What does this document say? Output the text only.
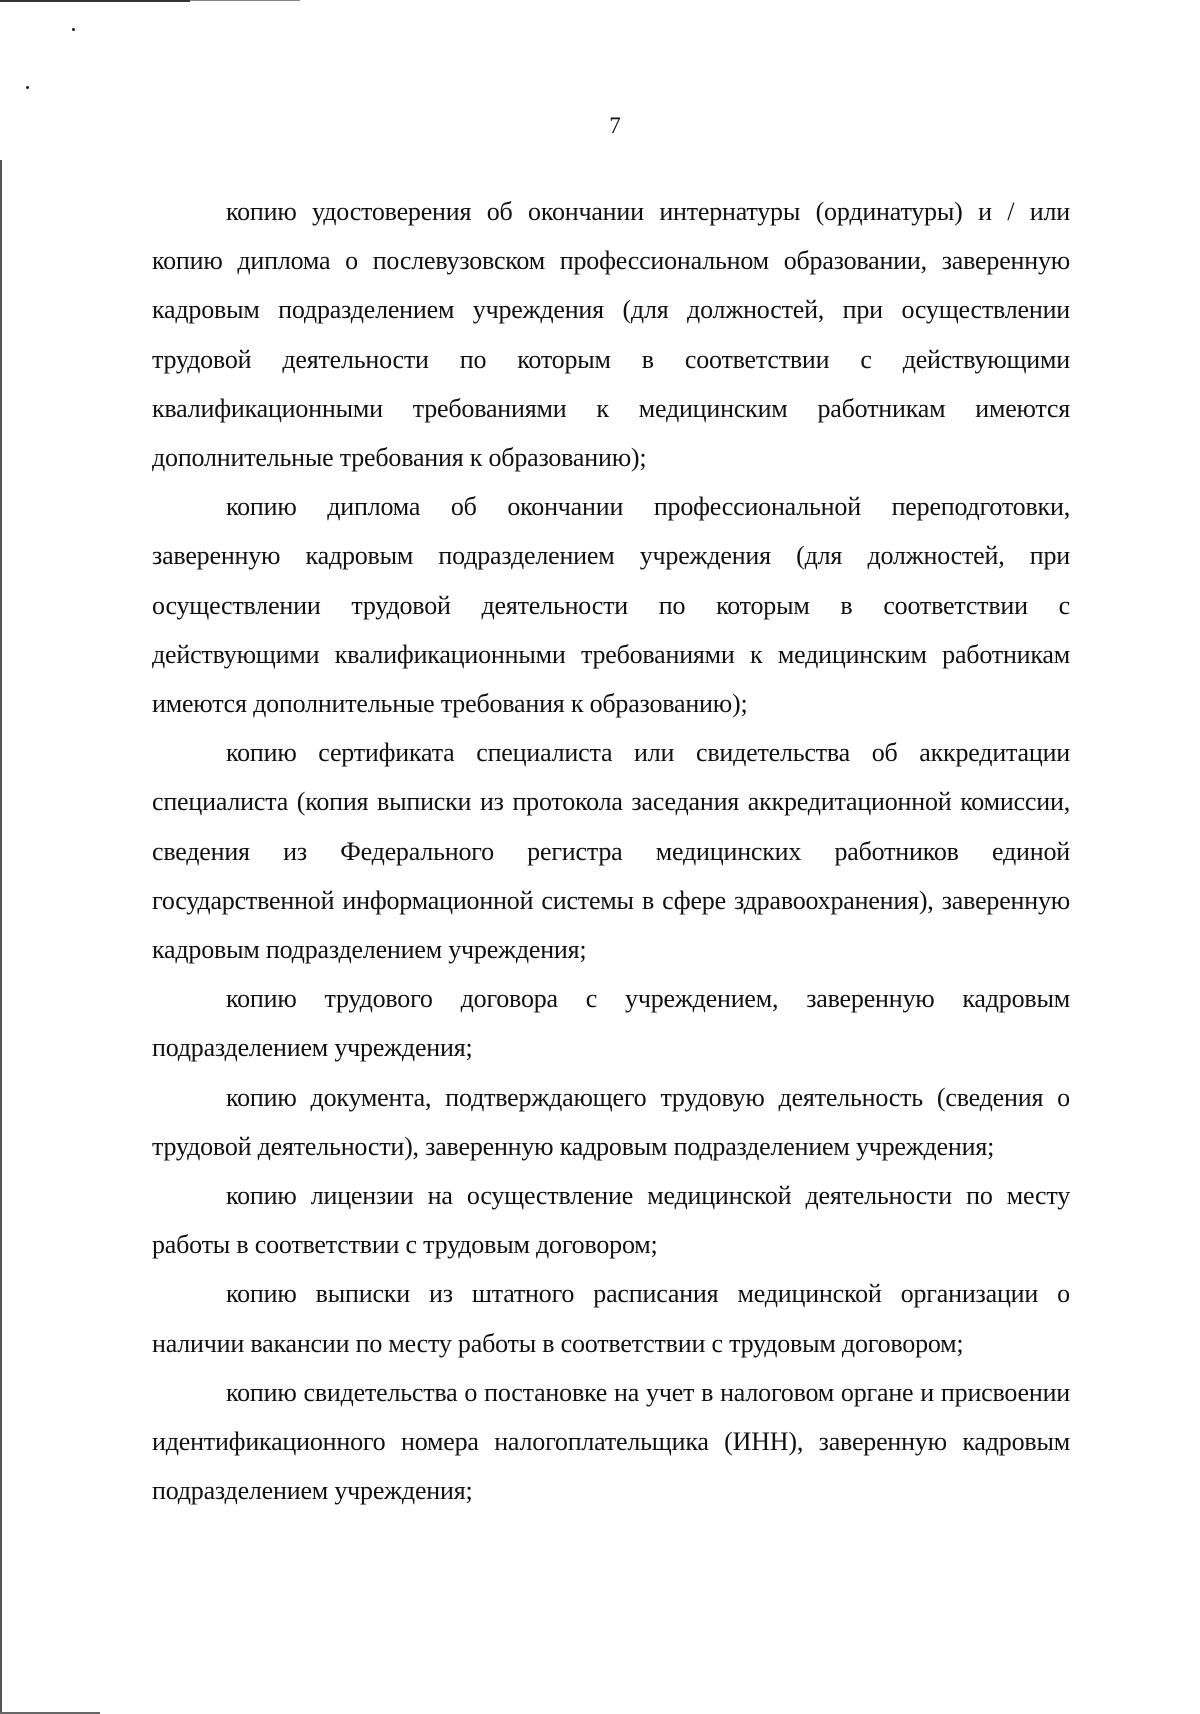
7

копию удостоверения об окончании интернатуры (ординатуры) и / или копию диплома о послевузовском профессиональном образовании, заверенную кадровым подразделением учреждения (для должностей, при осуществлении трудовой деятельности по которым в соответствии с действующими квалификационными требованиями к медицинским работникам имеются дополнительные требования к образованию);

копию диплома об окончании профессиональной переподготовки, заверенную кадровым подразделением учреждения (для должностей, при осуществлении трудовой деятельности по которым в соответствии с действующими квалификационными требованиями к медицинским работникам имеются дополнительные требования к образованию);

копию сертификата специалиста или свидетельства об аккредитации специалиста (копия выписки из протокола заседания аккредитационной комиссии, сведения из Федерального регистра медицинских работников единой государственной информационной системы в сфере здравоохранения), заверенную кадровым подразделением учреждения;

копию трудового договора с учреждением, заверенную кадровым подразделением учреждения;

копию документа, подтверждающего трудовую деятельность (сведения о трудовой деятельности), заверенную кадровым подразделением учреждения;

копию лицензии на осуществление медицинской деятельности по месту работы в соответствии с трудовым договором;

копию выписки из штатного расписания медицинской организации о наличии вакансии по месту работы в соответствии с трудовым договором;

копию свидетельства о постановке на учет в налоговом органе и присвоении идентификационного номера налогоплательщика (ИНН), заверенную кадровым подразделением учреждения;
